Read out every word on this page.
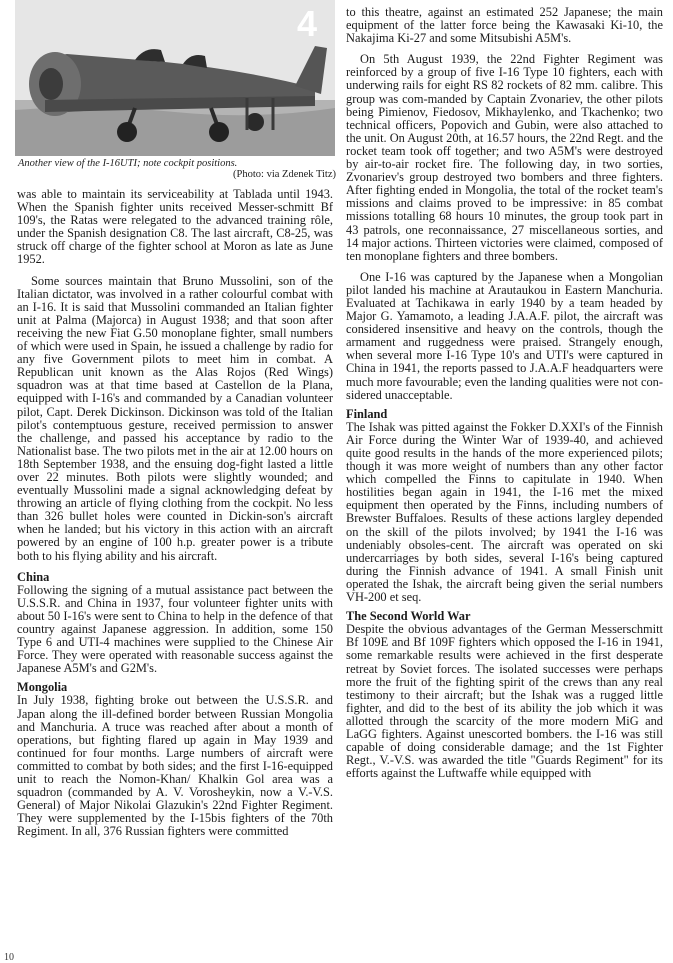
4
Another view of the I-16UTI; note cockpit positions.
(Photo: via Zdenek Titz)

was able to maintain its serviceability at Tablada until 1943. When the Spanish fighter units received Messer-schmitt Bf 109's, the Ratas were relegated to the advanced training rôle, under the Spanish designation C8. The last aircraft, C8-25, was struck off charge of the fighter school at Moron as late as June 1952.

Some sources maintain that Bruno Mussolini, son of the Italian dictator, was involved in a rather colourful combat with an I-16. It is said that Mussolini commanded an Italian fighter unit at Palma (Majorca) in August 1938; and that soon after receiving the new Fiat G.50 monoplane fighter, small numbers of which were used in Spain, he issued a challenge by radio for any five Government pilots to meet him in combat. A Republican unit known as the Alas Rojos (Red Wings) squadron was at that time based at Castellon de la Plana, equipped with I-16's and commanded by a Canadian volunteer pilot, Capt. Derek Dickinson. Dickinson was told of the Italian pilot's contemptuous gesture, received permission to answer the challenge, and passed his acceptance by radio to the Nationalist base. The two pilots met in the air at 12.00 hours on 18th September 1938, and the ensuing dog-fight lasted a little over 22 minutes. Both pilots were slightly wounded; and eventually Mussolini made a signal acknowledging defeat by throwing an article of flying clothing from the cockpit. No less than 326 bullet holes were counted in Dickin-son's aircraft when he landed; but his victory in this action with an aircraft powered by an engine of 100 h.p. greater power is a tribute both to his flying ability and his aircraft.

China

Following the signing of a mutual assistance pact between the U.S.S.R. and China in 1937, four volunteer fighter units with about 50 I-16's were sent to China to help in the defence of that country against Japanese aggression. In addition, some 150 Type 6 and UTI-4 machines were supplied to the Chinese Air Force. They were operated with reasonable success against the Japanese A5M's and G2M's.

Mongolia

In July 1938, fighting broke out between the U.S.S.R. and Japan along the ill-defined border between Russian Mongolia and Manchuria. A truce was reached after about a month of operations, but fighting flared up again in May 1939 and continued for four months. Large numbers of aircraft were committed to combat by both sides; and the first I-16-equipped unit to reach the Nomon-Khan/ Khalkin Gol area was a squadron (commanded by A. V. Vorosheykin, now a V.-V.S. General) of Major Nikolai Glazukin's 22nd Fighter Regiment. They were supplemented by the I-15bis fighters of the 70th Regiment. In all, 376 Russian fighters were committed

to this theatre, against an estimated 252 Japanese; the main equipment of the latter force being the Kawasaki Ki-10, the Nakajima Ki-27 and some Mitsubishi A5M's.

On 5th August 1939, the 22nd Fighter Regiment was reinforced by a group of five I-16 Type 10 fighters, each with underwing rails for eight RS 82 rockets of 82 mm. calibre. This group was com-manded by Captain Zvonariev, the other pilots being Pimienov, Fiedosov, Mikhaylenko, and Tkachenko; two technical officers, Popovich and Gubin, were also attached to the unit. On August 20th, at 16.57 hours, the 22nd Regt. and the rocket team took off together; and two A5M's were destroyed by air-to-air rocket fire. The following day, in two sorties, Zvonariev's group destroyed two bombers and three fighters. After fighting ended in Mongolia, the total of the rocket team's missions and claims proved to be impressive: in 85 combat missions totalling 68 hours 10 minutes, the group took part in 43 patrols, one reconnaissance, 27 miscellaneous sorties, and 14 major actions. Thirteen victories were claimed, composed of ten monoplane fighters and three bombers.

One I-16 was captured by the Japanese when a Mongolian pilot landed his machine at Arautaukou in Eastern Manchuria. Evaluated at Tachikawa in early 1940 by a team headed by Major G. Yamamoto, a leading J.A.A.F. pilot, the aircraft was considered insensitive and heavy on the controls, though the armament and ruggedness were praised. Strangely enough, when several more I-16 Type 10's and UTI's were captured in China in 1941, the reports passed to J.A.A.F headquarters were much more favourable; even the landing qualities were not con-sidered unacceptable.

Finland

The Ishak was pitted against the Fokker D.XXI's of the Finnish Air Force during the Winter War of 1939-40, and achieved quite good results in the hands of the more experienced pilots; though it was more weight of numbers than any other factor which compelled the Finns to capitulate in 1940. When hostilities began again in 1941, the I-16 met the mixed equipment then operated by the Finns, including numbers of Brewster Buffaloes. Results of these actions largley depended on the skill of the pilots involved; by 1941 the I-16 was undeniably obsoles-cent. The aircraft was operated on ski undercarriages by both sides, several I-16's being captured during the Finnish advance of 1941. A small Finish unit operated the Ishak, the aircraft being given the serial numbers VH-200 et seq.

The Second World War

Despite the obvious advantages of the German Messerschmitt Bf 109E and Bf 109F fighters which opposed the I-16 in 1941, some remarkable results were achieved in the first desperate retreat by Soviet forces. The isolated successes were perhaps more the fruit of the fighting spirit of the crews than any real testimony to their aircraft; but the Ishak was a rugged little fighter, and did to the best of its ability the job which it was allotted through the scarcity of the more modern MiG and LaGG fighters. Against unescorted bombers. the I-16 was still capable of doing considerable damage; and the 1st Fighter Regt., V.-V.S. was awarded the title "Guards Regiment" for its efforts against the Luftwaffe while equipped with

10
